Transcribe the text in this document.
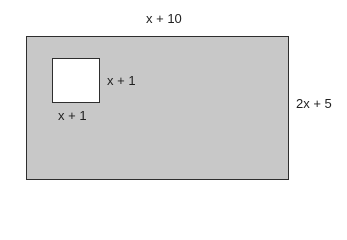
x + 10
2x + 5
x + 1
x + 1
